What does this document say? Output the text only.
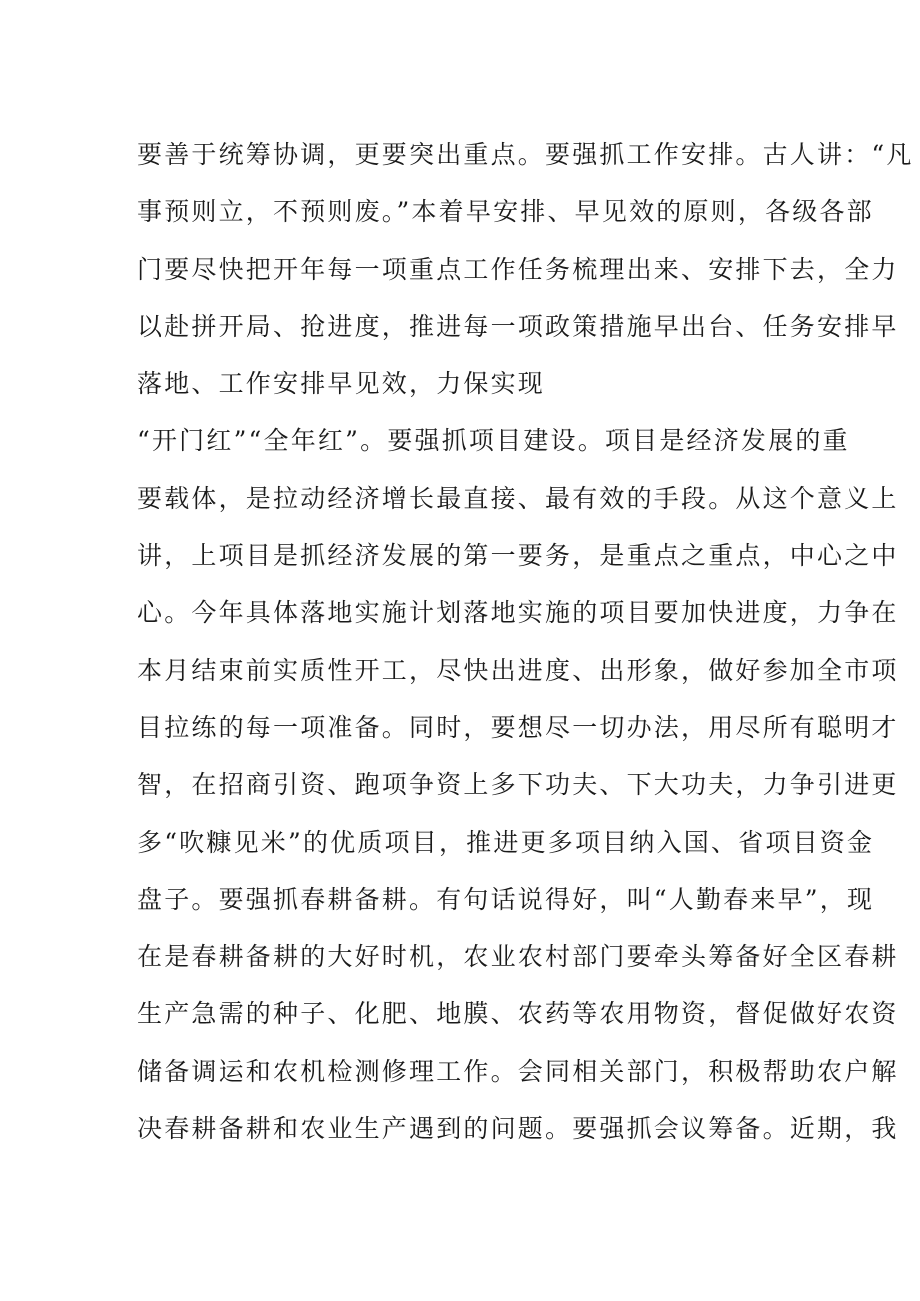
要善于统筹协调，更要突出重点。要强抓工作安排。古人讲：“凡
事预则立，不预则废。”本着早安排、早见效的原则，各级各部
门要尽快把开年每一项重点工作任务梳理出来、安排下去，全力
以赴拼开局、抢进度，推进每一项政策措施早出台、任务安排早
落地、工作安排早见效，力保实现
“开门红”“全年红”。要强抓项目建设。项目是经济发展的重
要载体，是拉动经济增长最直接、最有效的手段。从这个意义上
讲，上项目是抓经济发展的第一要务，是重点之重点，中心之中
心。今年具体落地实施计划落地实施的项目要加快进度，力争在
本月结束前实质性开工，尽快出进度、出形象，做好参加全市项
目拉练的每一项准备。同时，要想尽一切办法，用尽所有聪明才
智，在招商引资、跑项争资上多下功夫、下大功夫，力争引进更
多“吹糠见米”的优质项目，推进更多项目纳入国、省项目资金
盘子。要强抓春耕备耕。有句话说得好，叫“人勤春来早”，现
在是春耕备耕的大好时机，农业农村部门要牵头筹备好全区春耕
生产急需的种子、化肥、地膜、农药等农用物资，督促做好农资
储备调运和农机检测修理工作。会同相关部门，积极帮助农户解
决春耕备耕和农业生产遇到的问题。要强抓会议筹备。近期，我
